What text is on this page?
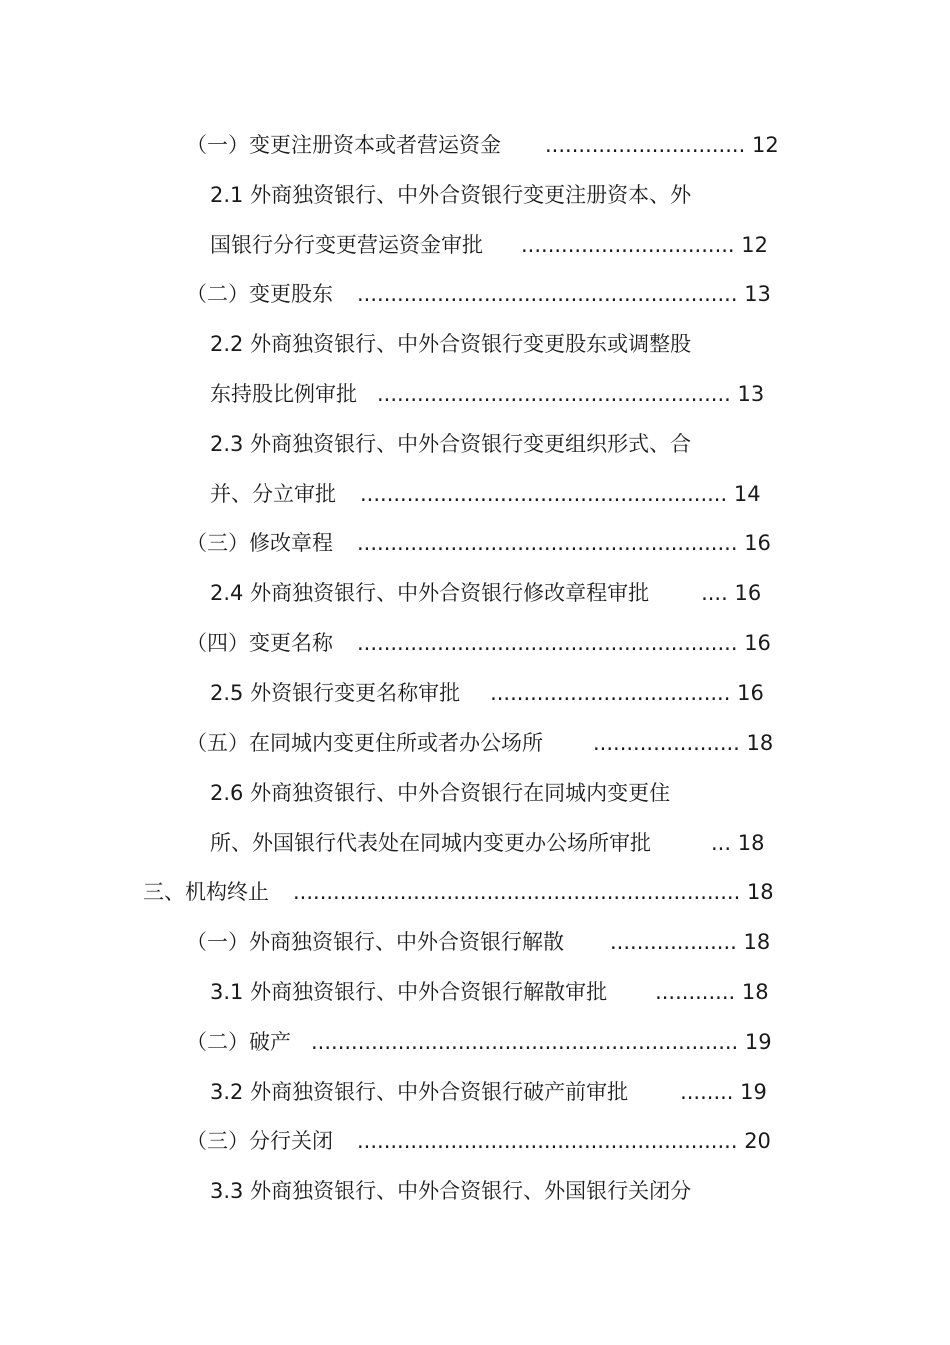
（一）变更注册资本或者营运资金 .............................. 12
2.1 外商独资银行、中外合资银行变更注册资本、外
国银行分行变更营运资金审批 ................................ 12
（二）变更股东 ......................................................... 13
2.2 外商独资银行、中外合资银行变更股东或调整股
东持股比例审批 ..................................................... 13
2.3 外商独资银行、中外合资银行变更组织形式、合
并、分立审批 ....................................................... 14
（三）修改章程 ......................................................... 16
2.4 外商独资银行、中外合资银行修改章程审批 .... 16
（四）变更名称 ......................................................... 16
2.5 外资银行变更名称审批 .................................... 16
（五）在同城内变更住所或者办公场所 ...................... 18
2.6 外商独资银行、中外合资银行在同城内变更住
所、外国银行代表处在同城内变更办公场所审批	... 18
三、机构终止 ................................................................... 18
（一）外商独资银行、中外合资银行解散 ................... 18
3.1 外商独资银行、中外合资银行解散审批 ............ 18
（二）破产 ................................................................ 19
3.2 外商独资银行、中外合资银行破产前审批 ........ 19
（三）分行关闭 ......................................................... 20
3.3 外商独资银行、中外合资银行、外国银行关闭分
